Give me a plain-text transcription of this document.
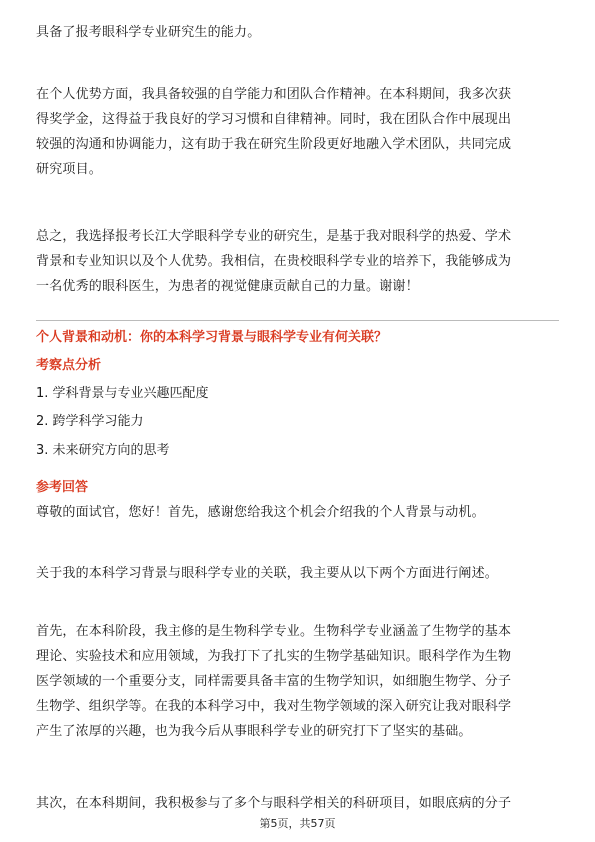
具备了报考眼科学专业研究生的能力。
在个人优势方面，我具备较强的自学能力和团队合作精神。在本科期间，我多次获
得奖学金，这得益于我良好的学习习惯和自律精神。同时，我在团队合作中展现出
较强的沟通和协调能力，这有助于我在研究生阶段更好地融入学术团队，共同完成
研究项目。
总之，我选择报考长江大学眼科学专业的研究生，是基于我对眼科学的热爱、学术
背景和专业知识以及个人优势。我相信，在贵校眼科学专业的培养下，我能够成为
一名优秀的眼科医生，为患者的视觉健康贡献自己的力量。谢谢！
个人背景和动机：你的本科学习背景与眼科学专业有何关联？
考察点分析
1. 学科背景与专业兴趣匹配度
2. 跨学科学习能力
3. 未来研究方向的思考
参考回答
尊敬的面试官，您好！首先，感谢您给我这个机会介绍我的个人背景与动机。
关于我的本科学习背景与眼科学专业的关联，我主要从以下两个方面进行阐述。
首先，在本科阶段，我主修的是生物科学专业。生物科学专业涵盖了生物学的基本
理论、实验技术和应用领域，为我打下了扎实的生物学基础知识。眼科学作为生物
医学领域的一个重要分支，同样需要具备丰富的生物学知识，如细胞生物学、分子
生物学、组织学等。在我的本科学习中，我对生物学领域的深入研究让我对眼科学
产生了浓厚的兴趣，也为我今后从事眼科学专业的研究打下了坚实的基础。
其次，在本科期间，我积极参与了多个与眼科学相关的科研项目，如眼底病的分子
第5页，共57页
